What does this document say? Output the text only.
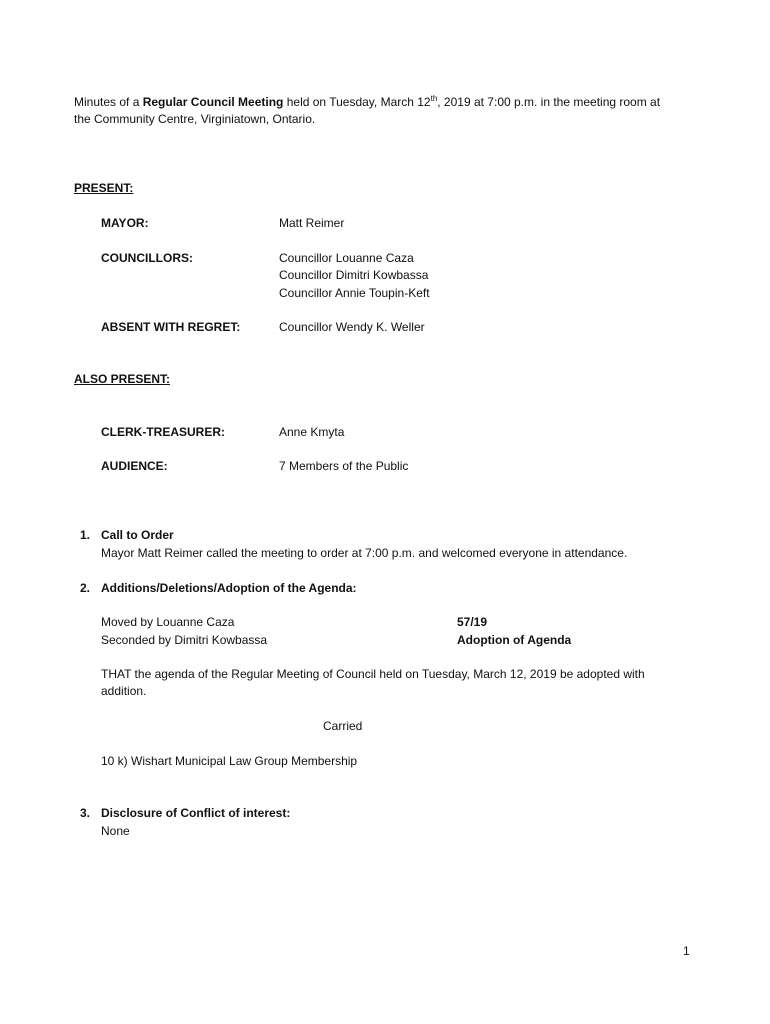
Minutes of a Regular Council Meeting held on Tuesday, March 12th, 2019 at 7:00 p.m. in the meeting room at
the Community Centre, Virginiatown, Ontario.
PRESENT:
MAYOR:	Matt Reimer
COUNCILLORS:	Councillor Louanne Caza
Councillor Dimitri Kowbassa
Councillor Annie Toupin-Keft
ABSENT WITH REGRET:	Councillor Wendy K. Weller
ALSO PRESENT:
CLERK-TREASURER:	Anne Kmyta
AUDIENCE:	7 Members of the Public
1. Call to Order
Mayor Matt Reimer called the meeting to order at 7:00 p.m. and welcomed everyone in attendance.
2. Additions/Deletions/Adoption of the Agenda:
Moved by Louanne Caza	57/19
Seconded by Dimitri Kowbassa	Adoption of Agenda
THAT the agenda of the Regular Meeting of Council held on Tuesday, March 12, 2019 be adopted with
addition.
Carried
10 k) Wishart Municipal Law Group Membership
3. Disclosure of Conflict of interest:
None
1
